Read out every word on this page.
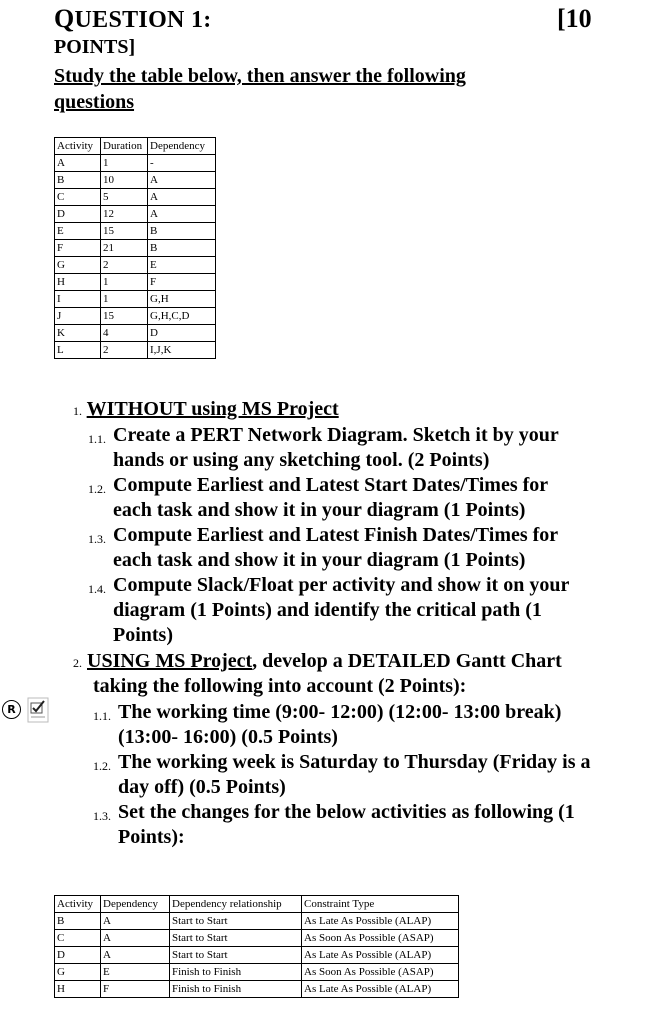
QUESTION 1:	[10
POINTS]
Study the table below, then answer the following questions
Activity	Duration	Dependency
A	1	-
B	10	A
C	5	A
D	12	A
E	15	B
F	21	B
G	2	E
H	1	F
I	1	G,H
J	15	G,H,C,D
K	4	D
L	2	I,J,K
1. WITHOUT using MS Project
1.1. Create a PERT Network Diagram. Sketch it by your
hands or using any sketching tool. (2 Points)
1.2. Compute Earliest and Latest Start Dates/Times for
each task and show it in your diagram (1 Points)
1.3. Compute Earliest and Latest Finish Dates/Times for
each task and show it in your diagram (1 Points)
1.4. Compute Slack/Float per activity and show it on your
diagram (1 Points) and identify the critical path (1
Points)
2. USING MS Project, develop a DETAILED Gantt Chart
taking the following into account (2 Points):
1.1. The working time (9:00- 12:00) (12:00- 13:00 break)
(13:00- 16:00) (0.5 Points)
1.2. The working week is Saturday to Thursday (Friday is a
day off) (0.5 Points)
1.3. Set the changes for the below activities as following (1
Points):
R
Activity	Dependency	Dependency relationship	Constraint Type
B	A	Start to Start	As Late As Possible (ALAP)
C	A	Start to Start	As Soon As Possible (ASAP)
D	A	Start to Start	As Late As Possible (ALAP)
G	E	Finish to Finish	As Soon As Possible (ASAP)
H	F	Finish to Finish	As Late As Possible (ALAP)
